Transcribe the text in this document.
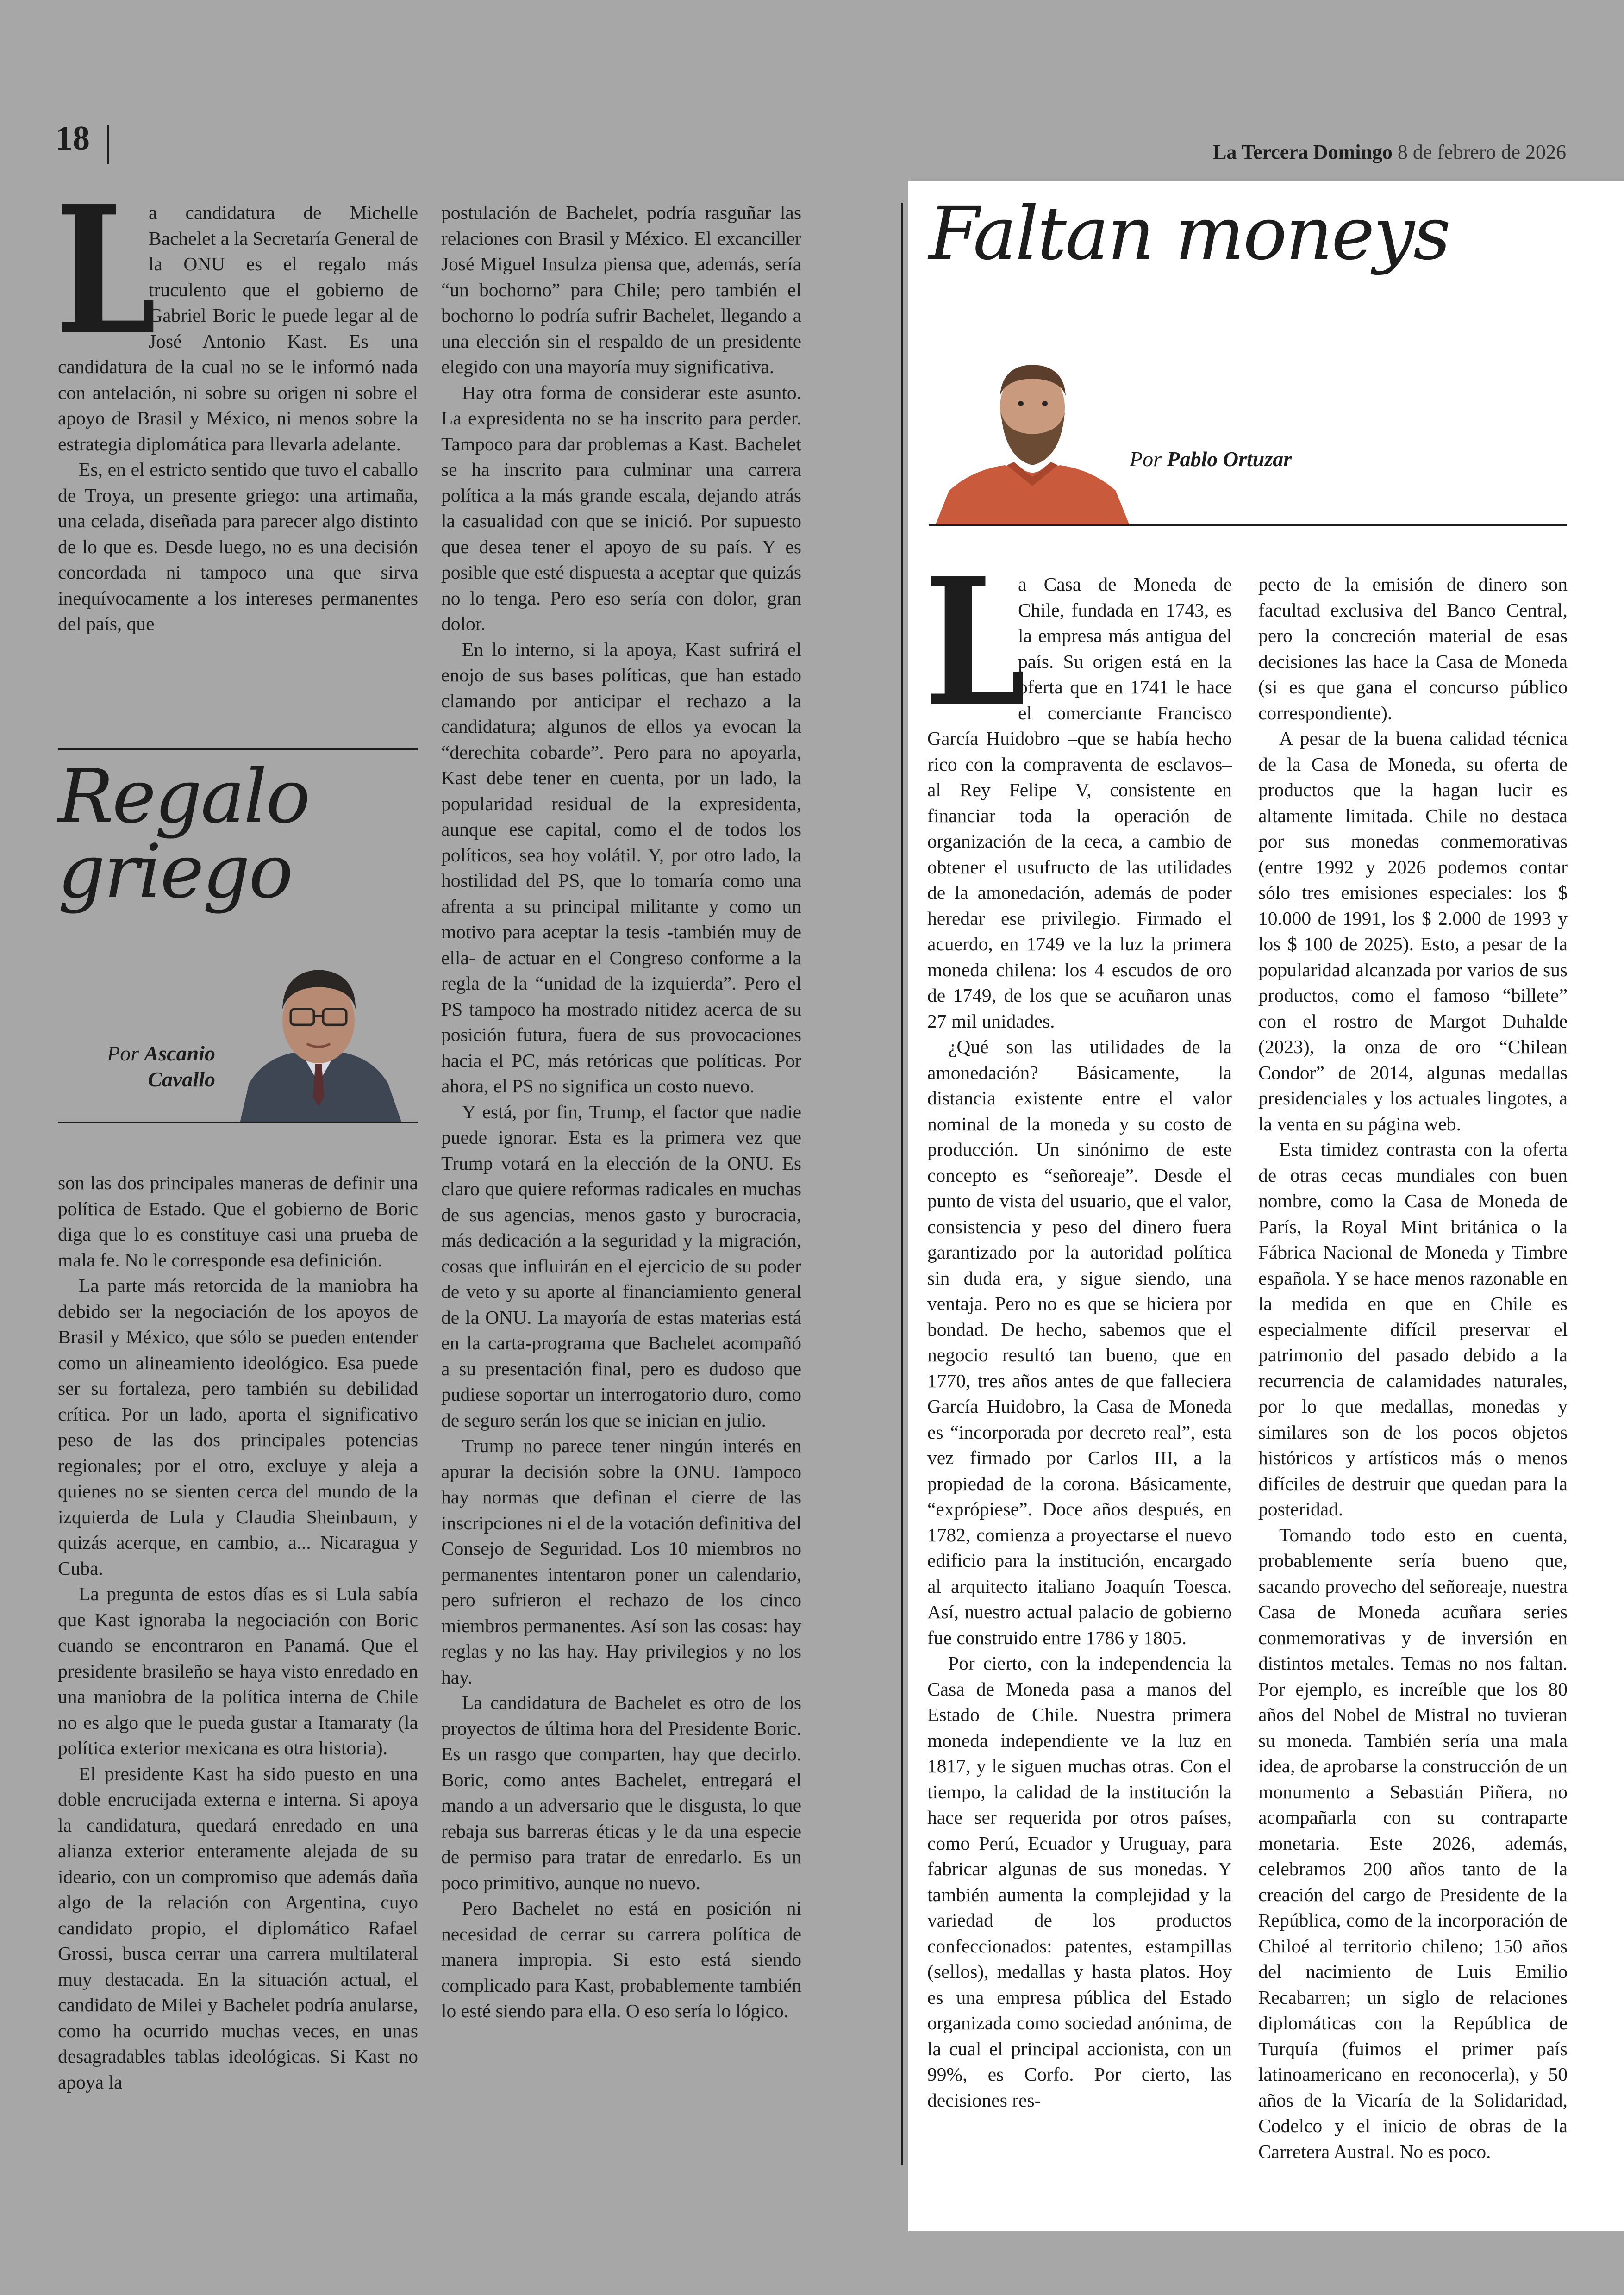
18	La Tercera Domingo 8 de febrero de 2026

L
a candidatura de Michelle Bachelet a la Secretaría General de la ONU es el regalo más truculento que el gobierno de Gabriel Boric le puede legar al de José Antonio Kast. Es una candidatura de la cual no se le informó nada con antelación, ni sobre su origen ni sobre el apoyo de Brasil y México, ni menos sobre la estrategia diplomática para llevarla adelante.

Es, en el estricto sentido que tuvo el caballo de Troya, un presente griego: una artimaña, una celada, diseñada para parecer algo distinto de lo que es. Desde luego, no es una decisión concordada ni tampoco una que sirva inequívocamente a los intereses permanentes del país, que

Regalo
griego
Por Ascanio
Cavallo

son las dos principales maneras de definir una política de Estado. Que el gobierno de Boric diga que lo es constituye casi una prueba de mala fe. No le corresponde esa definición.

La parte más retorcida de la maniobra ha debido ser la negociación de los apoyos de Brasil y México, que sólo se pueden entender como un alineamiento ideológico. Esa puede ser su fortaleza, pero también su debilidad crítica. Por un lado, aporta el significativo peso de las dos principales potencias regionales; por el otro, excluye y aleja a quienes no se sienten cerca del mundo de la izquierda de Lula y Claudia Sheinbaum, y quizás acerque, en cambio, a... Nicaragua y Cuba.

La pregunta de estos días es si Lula sabía que Kast ignoraba la negociación con Boric cuando se encontraron en Panamá. Que el presidente brasileño se haya visto enredado en una maniobra de la política interna de Chile no es algo que le pueda gustar a Itamaraty (la política exterior mexicana es otra historia).

El presidente Kast ha sido puesto en una doble encrucijada externa e interna. Si apoya la candidatura, quedará enredado en una alianza exterior enteramente alejada de su ideario, con un compromiso que además daña algo de la relación con Argentina, cuyo candidato propio, el diplomático Rafael Grossi, busca cerrar una carrera multilateral muy destacada. En la situación actual, el candidato de Milei y Bachelet podría anularse, como ha ocurrido muchas veces, en unas desagradables tablas ideológicas. Si Kast no apoya la

postulación de Bachelet, podría rasguñar las relaciones con Brasil y México. El excanciller José Miguel Insulza piensa que, además, sería “un bochorno” para Chile; pero también el bochorno lo podría sufrir Bachelet, llegando a una elección sin el respaldo de un presidente elegido con una mayoría muy significativa.

Hay otra forma de considerar este asunto. La expresidenta no se ha inscrito para perder. Tampoco para dar problemas a Kast. Bachelet se ha inscrito para culminar una carrera política a la más grande escala, dejando atrás la casualidad con que se inició. Por supuesto que desea tener el apoyo de su país. Y es posible que esté dispuesta a aceptar que quizás no lo tenga. Pero eso sería con dolor, gran dolor.

En lo interno, si la apoya, Kast sufrirá el enojo de sus bases políticas, que han estado clamando por anticipar el rechazo a la candidatura; algunos de ellos ya evocan la “derechita cobarde”. Pero para no apoyarla, Kast debe tener en cuenta, por un lado, la popularidad residual de la expresidenta, aunque ese capital, como el de todos los políticos, sea hoy volátil. Y, por otro lado, la hostilidad del PS, que lo tomaría como una afrenta a su principal militante y como un motivo para aceptar la tesis -también muy de ella- de actuar en el Congreso conforme a la regla de la “unidad de la izquierda”. Pero el PS tampoco ha mostrado nitidez acerca de su posición futura, fuera de sus provocaciones hacia el PC, más retóricas que políticas. Por ahora, el PS no significa un costo nuevo.

Y está, por fin, Trump, el factor que nadie puede ignorar. Esta es la primera vez que Trump votará en la elección de la ONU. Es claro que quiere reformas radicales en muchas de sus agencias, menos gasto y burocracia, más dedicación a la seguridad y la migración, cosas que influirán en el ejercicio de su poder de veto y su aporte al financiamiento general de la ONU. La mayoría de estas materias está en la carta-programa que Bachelet acompañó a su presentación final, pero es dudoso que pudiese soportar un interrogatorio duro, como de seguro serán los que se inician en julio.

Trump no parece tener ningún interés en apurar la decisión sobre la ONU. Tampoco hay normas que definan el cierre de las inscripciones ni el de la votación definitiva del Consejo de Seguridad. Los 10 miembros no permanentes intentaron poner un calendario, pero sufrieron el rechazo de los cinco miembros permanentes. Así son las cosas: hay reglas y no las hay. Hay privilegios y no los hay.

La candidatura de Bachelet es otro de los proyectos de última hora del Presidente Boric. Es un rasgo que comparten, hay que decirlo. Boric, como antes Bachelet, entregará el mando a un adversario que le disgusta, lo que rebaja sus barreras éticas y le da una especie de permiso para tratar de enredarlo. Es un poco primitivo, aunque no nuevo.

Pero Bachelet no está en posición ni necesidad de cerrar su carrera política de manera impropia. Si esto está siendo complicado para Kast, probablemente también lo esté siendo para ella. O eso sería lo lógico.

Faltan moneys
Por Pablo Ortuzar

L
a Casa de Moneda de Chile, fundada en 1743, es la empresa más antigua del país. Su origen está en la oferta que en 1741 le hace el comerciante Francisco García Huidobro –que se había hecho rico con la compraventa de esclavos– al Rey Felipe V, consistente en financiar toda la operación de organización de la ceca, a cambio de obtener el usufructo de las utilidades de la amonedación, además de poder heredar ese privilegio. Firmado el acuerdo, en 1749 ve la luz la primera moneda chilena: los 4 escudos de oro de 1749, de los que se acuñaron unas 27 mil unidades.

¿Qué son las utilidades de la amonedación? Básicamente, la distancia existente entre el valor nominal de la moneda y su costo de producción. Un sinónimo de este concepto es “señoreaje”. Desde el punto de vista del usuario, que el valor, consistencia y peso del dinero fuera garantizado por la autoridad política sin duda era, y sigue siendo, una ventaja. Pero no es que se hiciera por bondad. De hecho, sabemos que el negocio resultó tan bueno, que en 1770, tres años antes de que falleciera García Huidobro, la Casa de Moneda es “incorporada por decreto real”, esta vez firmado por Carlos III, a la propiedad de la corona. Básicamente, “exprópiese”. Doce años después, en 1782, comienza a proyectarse el nuevo edificio para la institución, encargado al arquitecto italiano Joaquín Toesca. Así, nuestro actual palacio de gobierno fue construido entre 1786 y 1805.

Por cierto, con la independencia la Casa de Moneda pasa a manos del Estado de Chile. Nuestra primera moneda independiente ve la luz en 1817, y le siguen muchas otras. Con el tiempo, la calidad de la institución la hace ser requerida por otros países, como Perú, Ecuador y Uruguay, para fabricar algunas de sus monedas. Y también aumenta la complejidad y la variedad de los productos confeccionados: patentes, estampillas (sellos), medallas y hasta platos. Hoy es una empresa pública del Estado organizada como sociedad anónima, de la cual el principal accionista, con un 99%, es Corfo. Por cierto, las decisiones res-

pecto de la emisión de dinero son facultad exclusiva del Banco Central, pero la concreción material de esas decisiones las hace la Casa de Moneda (si es que gana el concurso público correspondiente).

A pesar de la buena calidad técnica de la Casa de Moneda, su oferta de productos que la hagan lucir es altamente limitada. Chile no destaca por sus monedas conmemorativas (entre 1992 y 2026 podemos contar sólo tres emisiones especiales: los $ 10.000 de 1991, los $ 2.000 de 1993 y los $ 100 de 2025). Esto, a pesar de la popularidad alcanzada por varios de sus productos, como el famoso “billete” con el rostro de Margot Duhalde (2023), la onza de oro “Chilean Condor” de 2014, algunas medallas presidenciales y los actuales lingotes, a la venta en su página web.

Esta timidez contrasta con la oferta de otras cecas mundiales con buen nombre, como la Casa de Moneda de París, la Royal Mint británica o la Fábrica Nacional de Moneda y Timbre española. Y se hace menos razonable en la medida en que en Chile es especialmente difícil preservar el patrimonio del pasado debido a la recurrencia de calamidades naturales, por lo que medallas, monedas y similares son de los pocos objetos históricos y artísticos más o menos difíciles de destruir que quedan para la posteridad.

Tomando todo esto en cuenta, probablemente sería bueno que, sacando provecho del señoreaje, nuestra Casa de Moneda acuñara series conmemorativas y de inversión en distintos metales. Temas no nos faltan. Por ejemplo, es increíble que los 80 años del Nobel de Mistral no tuvieran su moneda. También sería una mala idea, de aprobarse la construcción de un monumento a Sebastián Piñera, no acompañarla con su contraparte monetaria. Este 2026, además, celebramos 200 años tanto de la creación del cargo de Presidente de la República, como de la incorporación de Chiloé al territorio chileno; 150 años del nacimiento de Luis Emilio Recabarren; un siglo de relaciones diplomáticas con la República de Turquía (fuimos el primer país latinoamericano en reconocerla), y 50 años de la Vicaría de la Solidaridad, Codelco y el inicio de obras de la Carretera Austral. No es poco.
